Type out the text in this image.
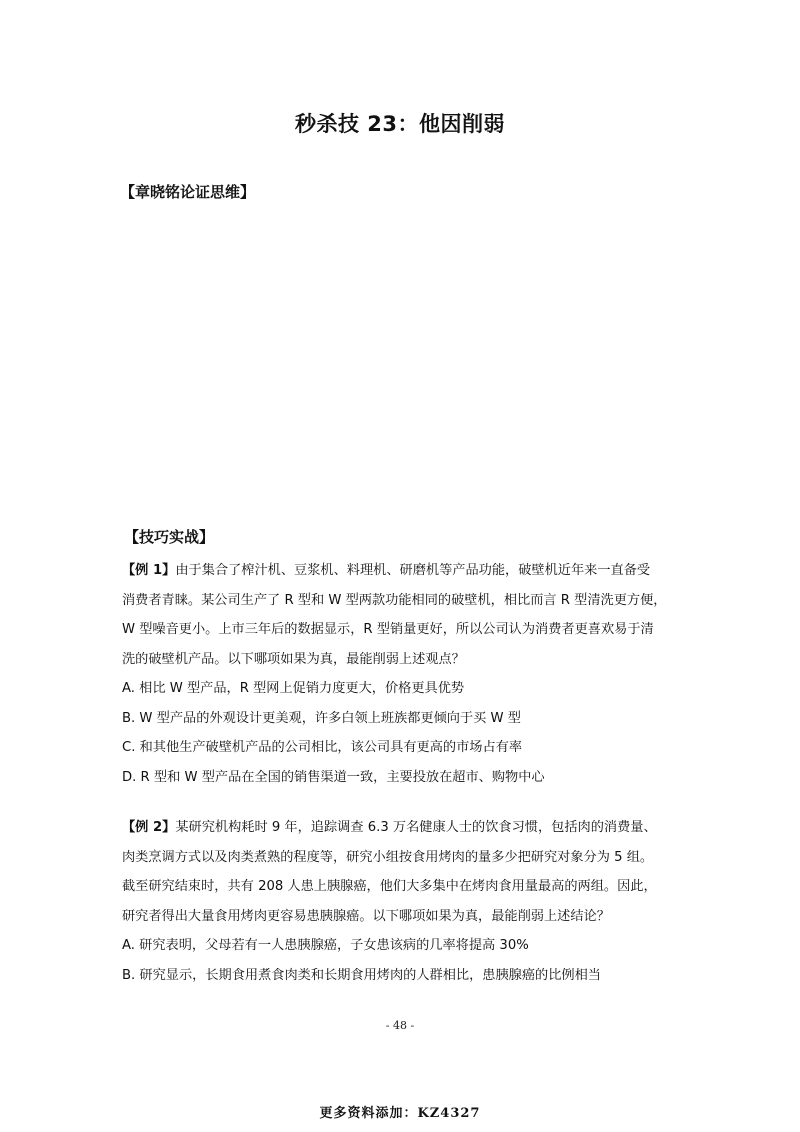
秒杀技 23：他因削弱
【章晓铭论证思维】
【技巧实战】
【例 1】由于集合了榨汁机、豆浆机、料理机、研磨机等产品功能，破壁机近年来一直备受
消费者青睐。某公司生产了 R 型和 W 型两款功能相同的破壁机，相比而言 R 型清洗更方便，
W 型噪音更小。上市三年后的数据显示，R 型销量更好，所以公司认为消费者更喜欢易于清
洗的破壁机产品。以下哪项如果为真，最能削弱上述观点？
A. 相比 W 型产品，R 型网上促销力度更大，价格更具优势
B. W 型产品的外观设计更美观，许多白领上班族都更倾向于买 W 型
C. 和其他生产破壁机产品的公司相比，该公司具有更高的市场占有率
D. R 型和 W 型产品在全国的销售渠道一致，主要投放在超市、购物中心
【例 2】某研究机构耗时 9 年，追踪调查 6.3 万名健康人士的饮食习惯，包括肉的消费量、
肉类烹调方式以及肉类煮熟的程度等，研究小组按食用烤肉的量多少把研究对象分为 5 组。
截至研究结束时，共有 208 人患上胰腺癌，他们大多集中在烤肉食用量最高的两组。因此，
研究者得出大量食用烤肉更容易患胰腺癌。以下哪项如果为真，最能削弱上述结论？
A. 研究表明，父母若有一人患胰腺癌，子女患该病的几率将提高 30%
B. 研究显示，长期食用煮食肉类和长期食用烤肉的人群相比，患胰腺癌的比例相当
- 48 -
更多资料添加：KZ4327
